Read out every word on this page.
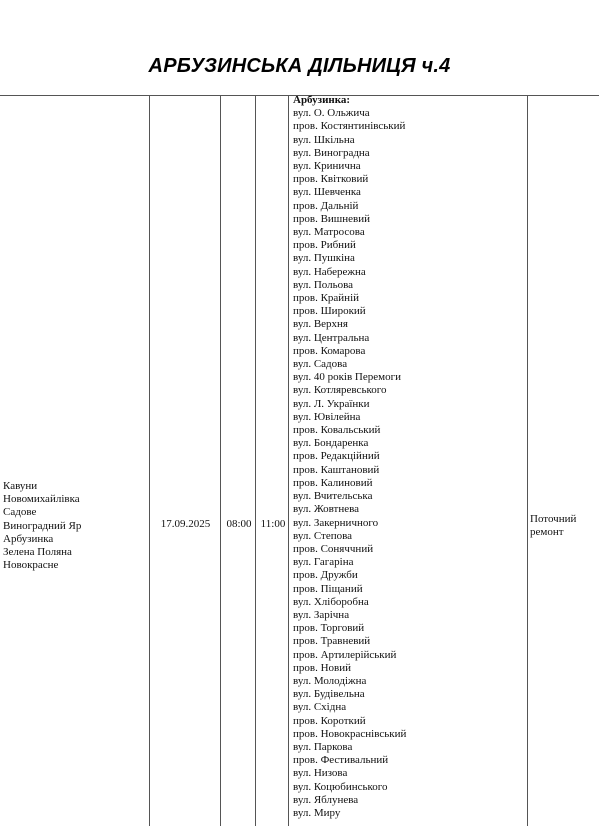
АРБУЗИНСЬКА ДІЛЬНИЦЯ ч.4
Кавуни
Новомихайлівка
Садове
Виноградний Яр
Арбузинка
Зелена Поляна
Новокрасне
17.09.2025	08:00 11:00
Арбузинка:
вул. О. Ольжича
пров. Костянтинівський
вул. Шкільна
вул. Виноградна
вул. Кринична
пров. Квітковий
вул. Шевченка
пров. Дальній
пров. Вишневий
вул. Матросова
пров. Рибний
вул. Пушкіна
вул. Набережна
вул. Польова
пров. Крайній
пров. Широкий
вул. Верхня
вул. Центральна
пров. Комарова
вул. Садова
вул. 40 років Перемоги
вул. Котляревського
вул. Л. Українки
вул. Ювілейна
пров. Ковальський
вул. Бондаренка
пров. Редакційний
пров. Каштановий
пров. Калиновий
вул. Вчительська
вул. Жовтнева
вул. Закерничного
вул. Степова
пров. Соняччний
вул. Гагаріна
пров. Дружби
пров. Піщаний
вул. Хліборобна
вул. Зарічна
пров. Торговий
пров. Травневий
пров. Артилерійський
пров. Новий
вул. Молодіжна
вул. Будівельна
вул. Східна
пров. Короткий
пров. Новокраснівський
вул. Паркова
пров. Фестивальний
вул. Низова
вул. Коцюбинського
вул. Яблунева
вул. Миру
Поточний
ремонт
